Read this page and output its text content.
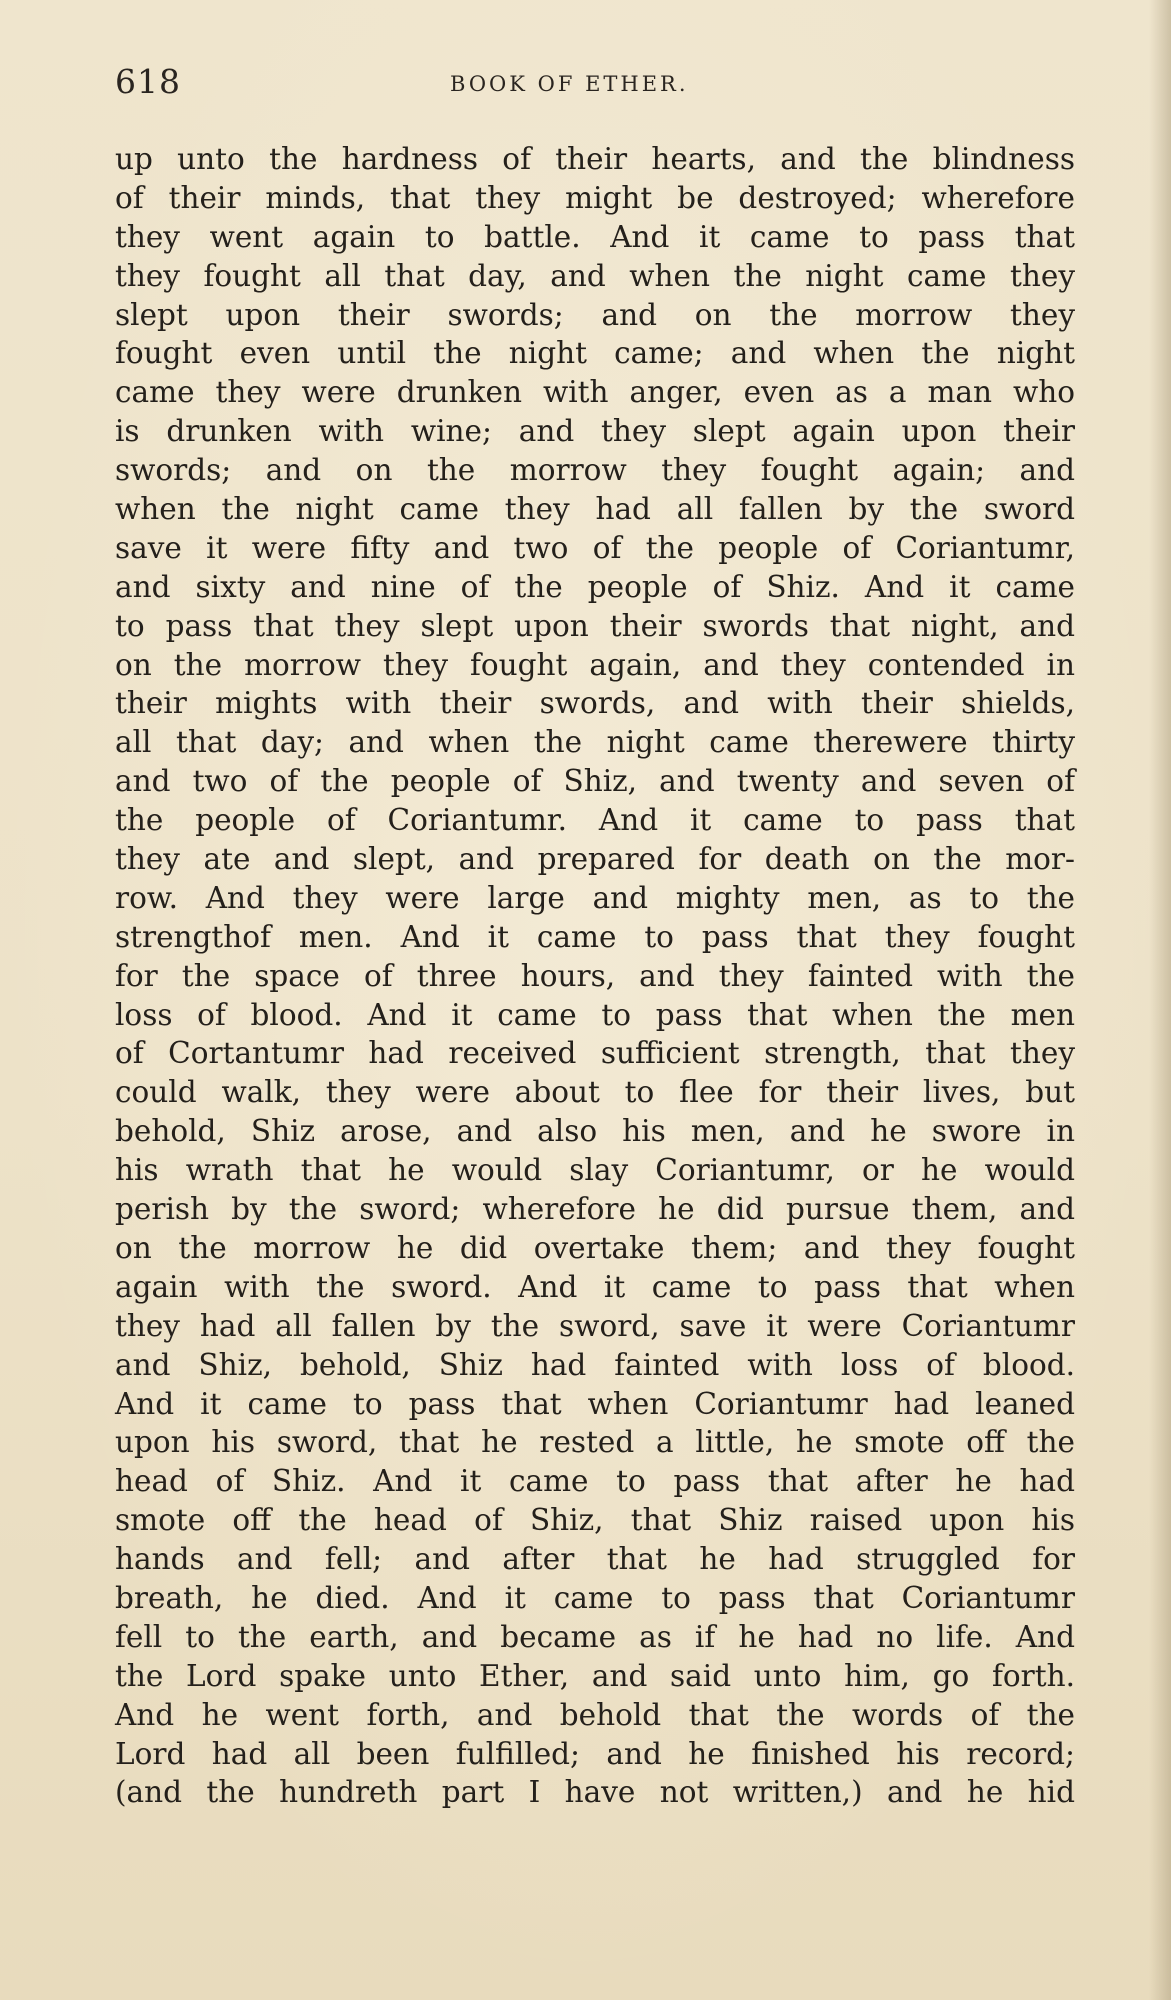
618	BOOK OF ETHER.
up unto the hardness of their hearts, and the blindness
of their minds, that they might be destroyed; wherefore
they went again to battle. And it came to pass that
they fought all that day, and when the night came they
slept upon their swords; and on the morrow they
fought even until the night came; and when the night
came they were drunken with anger, even as a man who
is drunken with wine; and they slept again upon their
swords; and on the morrow they fought again; and
when the night came they had all fallen by the sword
save it were fifty and two of the people of Coriantumr,
and sixty and nine of the people of Shiz. And it came
to pass that they slept upon their swords that night, and
on the morrow they fought again, and they contended in
their mights with their swords, and with their shields,
all that day; and when the night came therewere thirty
and two of the people of Shiz, and twenty and seven of
the people of Coriantumr. And it came to pass that
they ate and slept, and prepared for death on the mor-
row. And they were large and mighty men, as to the
strengthof men. And it came to pass that they fought
for the space of three hours, and they fainted with the
loss of blood. And it came to pass that when the men
of Cortantumr had received sufficient strength, that they
could walk, they were about to flee for their lives, but
behold, Shiz arose, and also his men, and he swore in
his wrath that he would slay Coriantumr, or he would
perish by the sword; wherefore he did pursue them, and
on the morrow he did overtake them; and they fought
again with the sword. And it came to pass that when
they had all fallen by the sword, save it were Coriantumr
and Shiz, behold, Shiz had fainted with loss of blood.
And it came to pass that when Coriantumr had leaned
upon his sword, that he rested a little, he smote off the
head of Shiz. And it came to pass that after he had
smote off the head of Shiz, that Shiz raised upon his
hands and fell; and after that he had struggled for
breath, he died. And it came to pass that Coriantumr
fell to the earth, and became as if he had no life. And
the Lord spake unto Ether, and said unto him, go forth.
And he went forth, and behold that the words of the
Lord had all been fulfilled; and he finished his record;
(and the hundreth part I have not written,) and he hid
